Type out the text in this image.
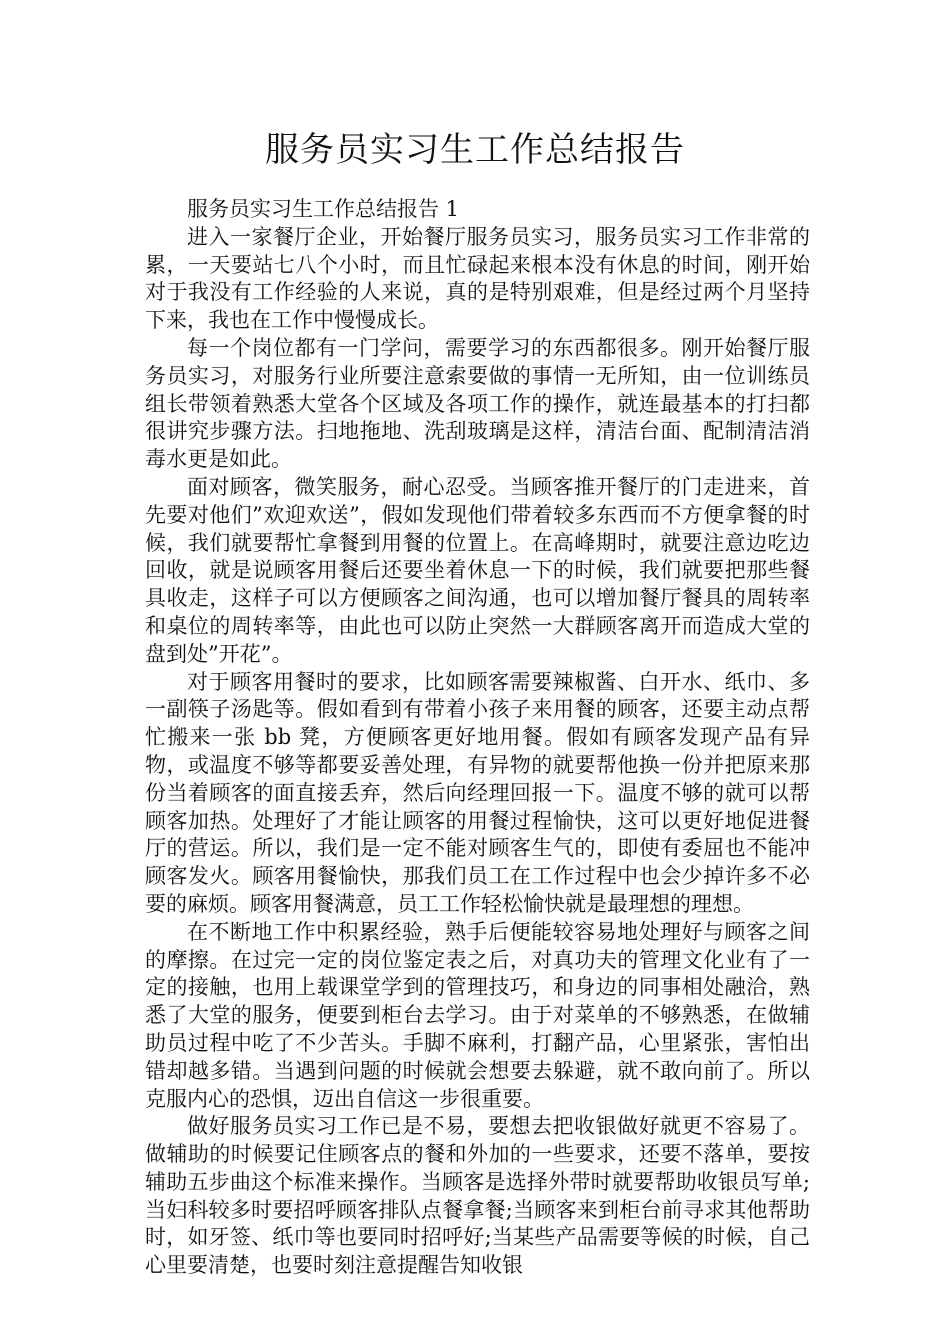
服务员实习生工作总结报告

服务员实习生工作总结报告 1

进入一家餐厅企业，开始餐厅服务员实习，服务员实习工作非常的累，一天要站七八个小时，而且忙碌起来根本没有休息的时间，刚开始对于我没有工作经验的人来说，真的是特别艰难，但是经过两个月坚持下来，我也在工作中慢慢成长。

每一个岗位都有一门学问，需要学习的东西都很多。刚开始餐厅服务员实习，对服务行业所要注意索要做的事情一无所知，由一位训练员组长带领着熟悉大堂各个区域及各项工作的操作，就连最基本的打扫都很讲究步骤方法。扫地拖地、洗刮玻璃是这样，清洁台面、配制清洁消毒水更是如此。

面对顾客，微笑服务，耐心忍受。当顾客推开餐厅的门走进来，首先要对他们”欢迎欢送”，假如发现他们带着较多东西而不方便拿餐的时候，我们就要帮忙拿餐到用餐的位置上。在高峰期时，就要注意边吃边回收，就是说顾客用餐后还要坐着休息一下的时候，我们就要把那些餐具收走，这样子可以方便顾客之间沟通，也可以增加餐厅餐具的周转率和桌位的周转率等，由此也可以防止突然一大群顾客离开而造成大堂的盘到处”开花”。

对于顾客用餐时的要求，比如顾客需要辣椒酱、白开水、纸巾、多一副筷子汤匙等。假如看到有带着小孩子来用餐的顾客，还要主动点帮忙搬来一张 bb 凳，方便顾客更好地用餐。假如有顾客发现产品有异物，或温度不够等都要妥善处理，有异物的就要帮他换一份并把原来那份当着顾客的面直接丢弃，然后向经理回报一下。温度不够的就可以帮顾客加热。处理好了才能让顾客的用餐过程愉快，这可以更好地促进餐厅的营运。所以，我们是一定不能对顾客生气的，即使有委屈也不能冲顾客发火。顾客用餐愉快，那我们员工在工作过程中也会少掉许多不必要的麻烦。顾客用餐满意，员工工作轻松愉快就是最理想的理想。

在不断地工作中积累经验，熟手后便能较容易地处理好与顾客之间的摩擦。在过完一定的岗位鉴定表之后，对真功夫的管理文化业有了一定的接触，也用上载课堂学到的管理技巧，和身边的同事相处融洽，熟悉了大堂的服务，便要到柜台去学习。由于对菜单的不够熟悉，在做辅助员过程中吃了不少苦头。手脚不麻利，打翻产品，心里紧张，害怕出错却越多错。当遇到问题的时候就会想要去躲避，就不敢向前了。所以克服内心的恐惧，迈出自信这一步很重要。

做好服务员实习工作已是不易，要想去把收银做好就更不容易了。做辅助的时候要记住顾客点的餐和外加的一些要求，还要不落单，要按辅助五步曲这个标准来操作。当顾客是选择外带时就要帮助收银员写单;当妇科较多时要招呼顾客排队点餐拿餐;当顾客来到柜台前寻求其他帮助时，如牙签、纸巾等也要同时招呼好;当某些产品需要等候的时候，自己心里要清楚，也要时刻注意提醒告知收银
